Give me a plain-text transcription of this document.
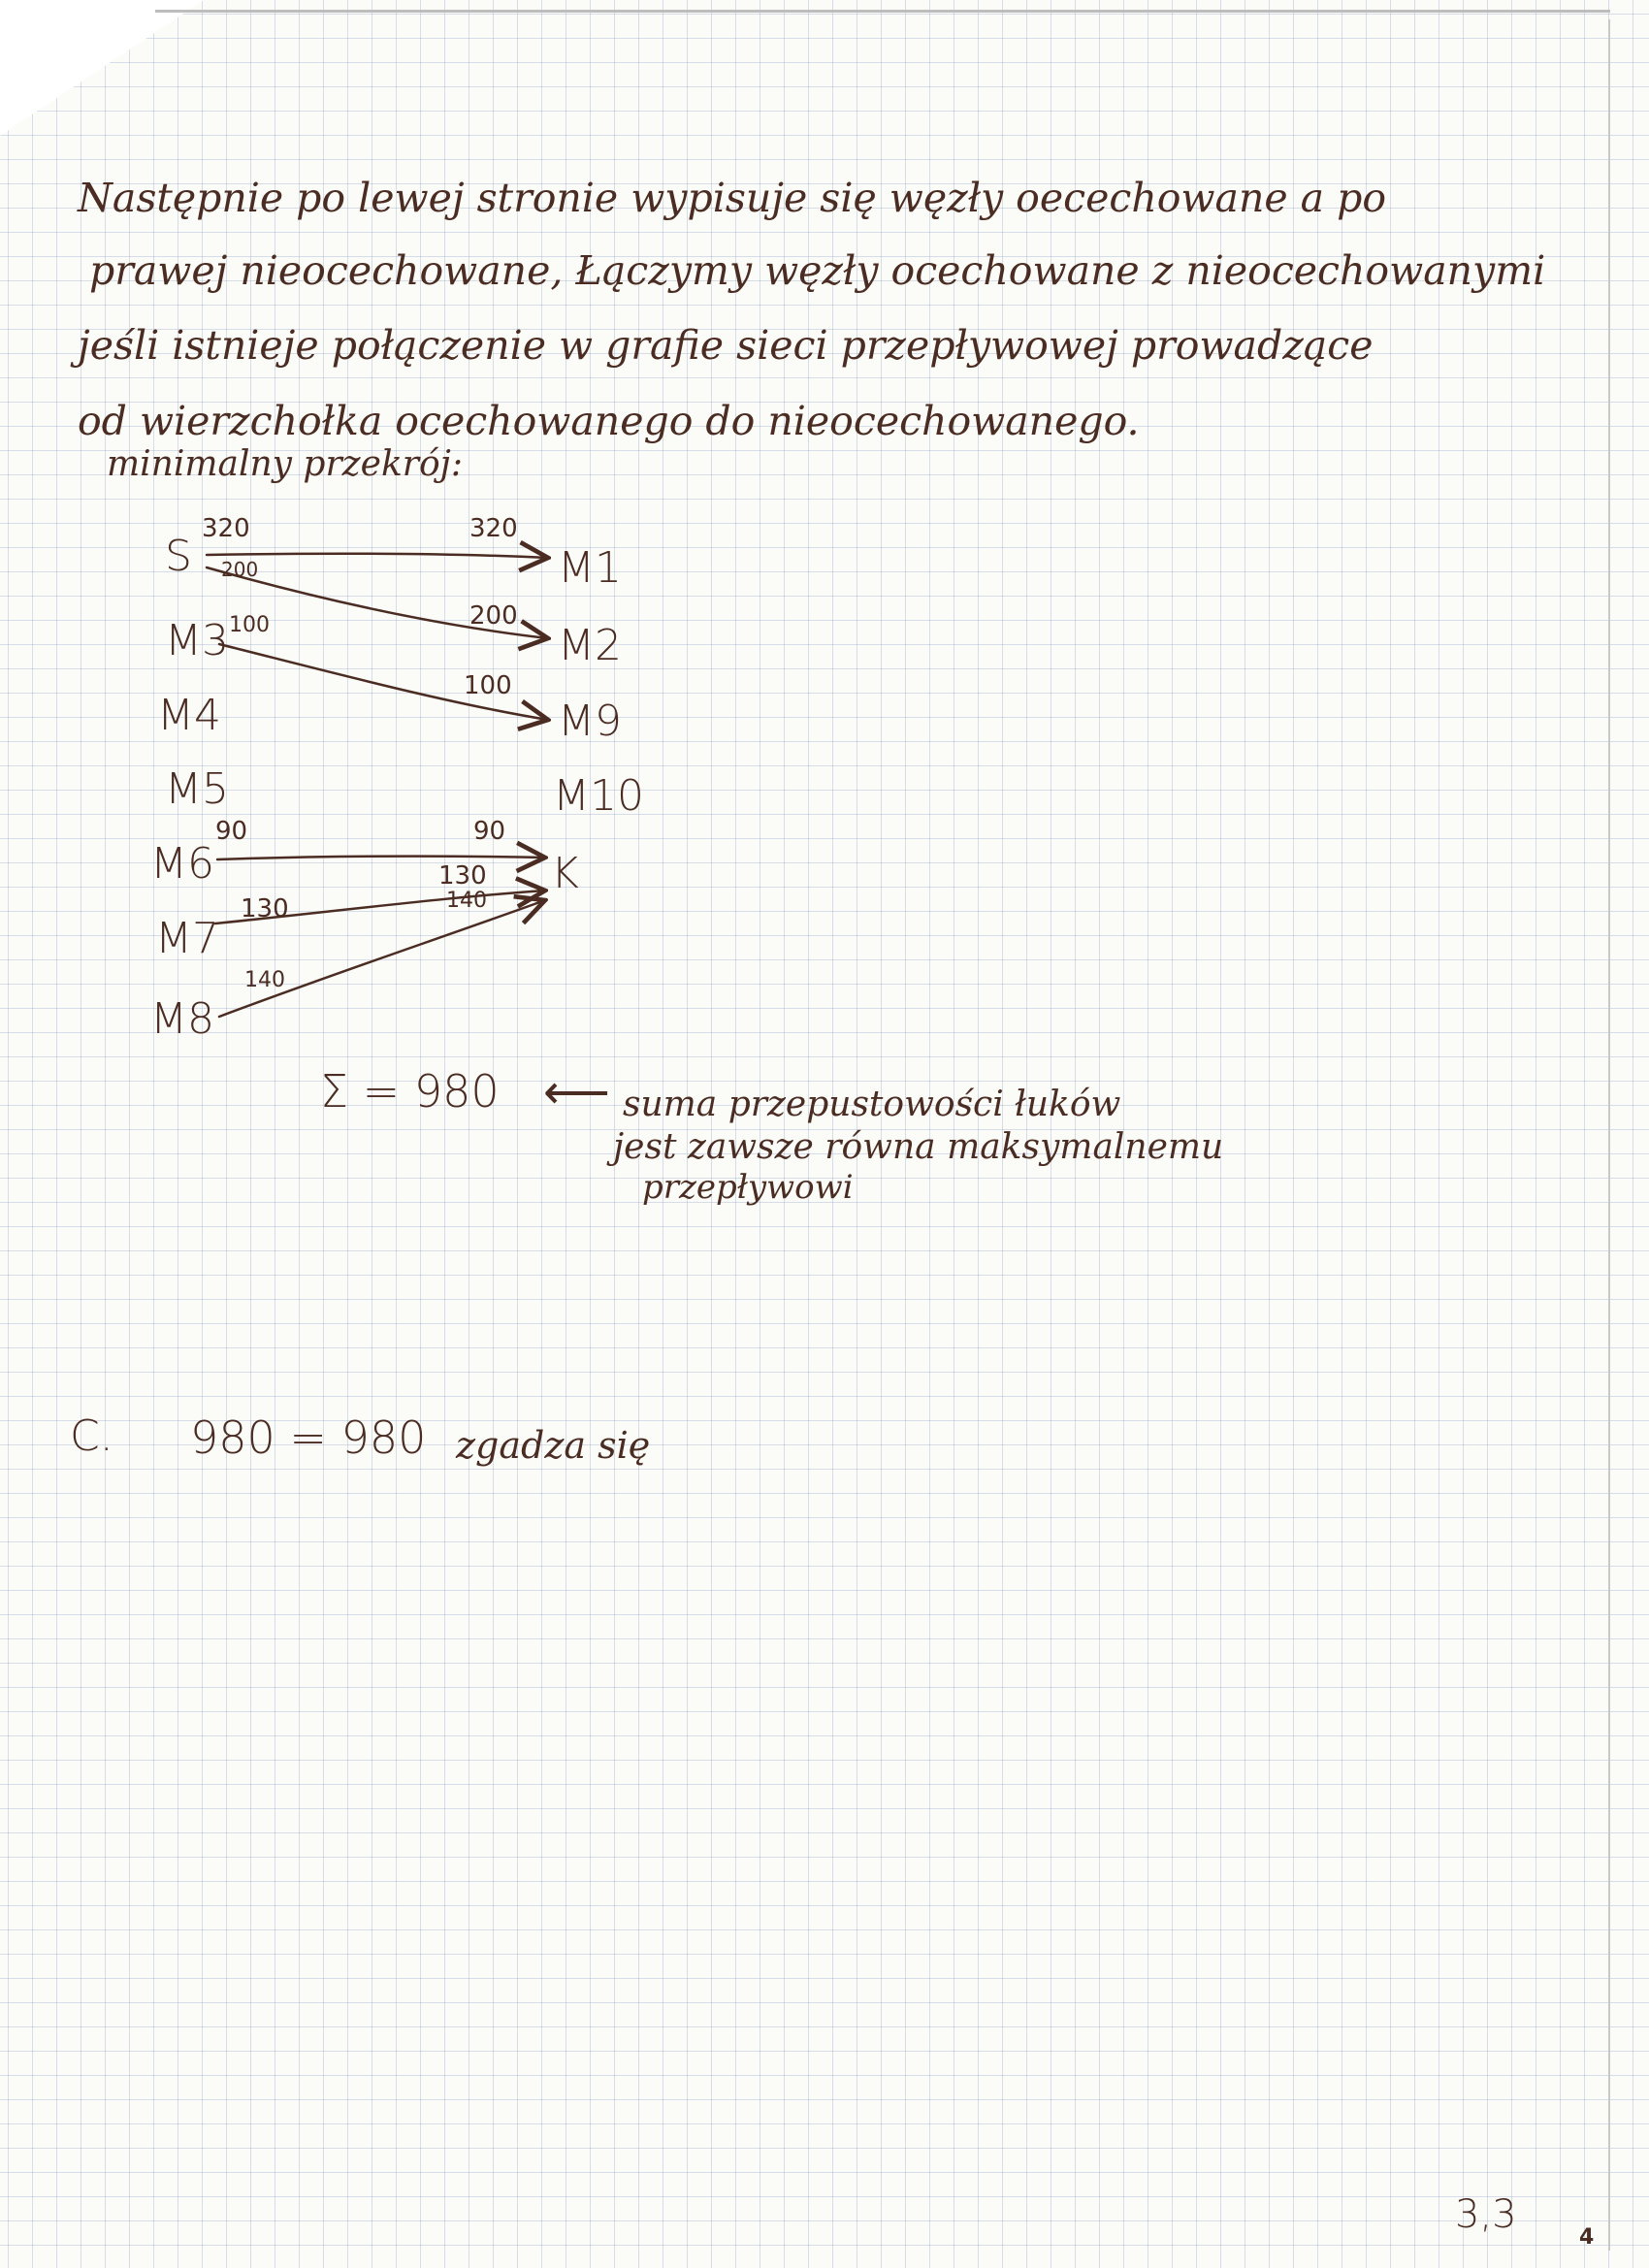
Następnie po lewej stronie wypisuje się węzły oecechowane a po
prawej nieocechowane, Łączymy węzły ocechowane z nieocechowanymi
jeśli istnieje połączenie w grafie sieci przepływowej prowadzące
od wierzchołka ocechowanego do nieocechowanego.
minimalny przekrój:
S
M3
M4
M5
M6
M7
M8
M1
M2
M9
M10
K
320
200
100
90
130
140
320
200
100
90
130
140
Σ = 980 ⟵ suma przepustowości łuków
jest zawsze równa maksymalnemu
przepływowi
C. 980 = 980 zgadza się
3,3
4
